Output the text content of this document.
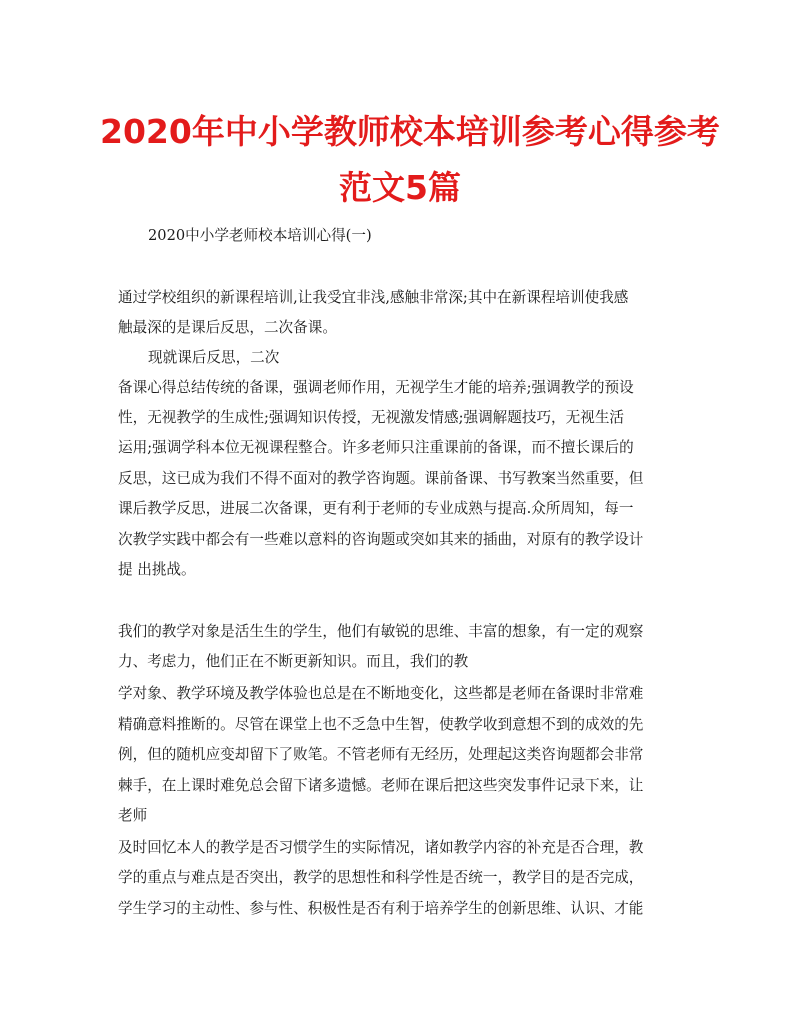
2020年中小学教师校本培训参考心得参考
范文5篇

2020中小学老师校本培训心得(一)

通过学校组织的新课程培训,让我受宜非浅,感触非常深;其中在新课程培训使我感

触最深的是课后反思，二次备课。

现就课后反思，二次

备课心得总结传统的备课，强调老师作用，无视学生才能的培养;强调教学的预设

性，无视教学的生成性;强调知识传授，无视激发情感;强调解题技巧，无视生活

运用;强调学科本位无视课程整合。许多老师只注重课前的备课，而不擅长课后的

反思，这已成为我们不得不面对的教学咨询题。课前备课、书写教案当然重要，但

课后教学反思，进展二次备课，更有利于老师的专业成熟与提高.众所周知，每一

次教学实践中都会有一些难以意料的咨询题或突如其来的插曲，对原有的教学设计

提 出挑战。

我们的教学对象是活生生的学生，他们有敏锐的思维、丰富的想象，有一定的观察

力、考虑力，他们正在不断更新知识。而且，我们的教

学对象、教学环境及教学体验也总是在不断地变化，这些都是老师在备课时非常难

精确意料推断的。尽管在课堂上也不乏急中生智，使教学收到意想不到的成效的先

例，但的随机应变却留下了败笔。不管老师有无经历，处理起这类咨询题都会非常

棘手，在上课时难免总会留下诸多遗憾。老师在课后把这些突发事件记录下来，让

老师

及时回忆本人的教学是否习惯学生的实际情况，诸如教学内容的补充是否合理，教

学的重点与难点是否突出，教学的思想性和科学性是否统一，教学目的是否完成，

学生学习的主动性、参与性、积极性是否有利于培养学生的创新思维、认识、才能
